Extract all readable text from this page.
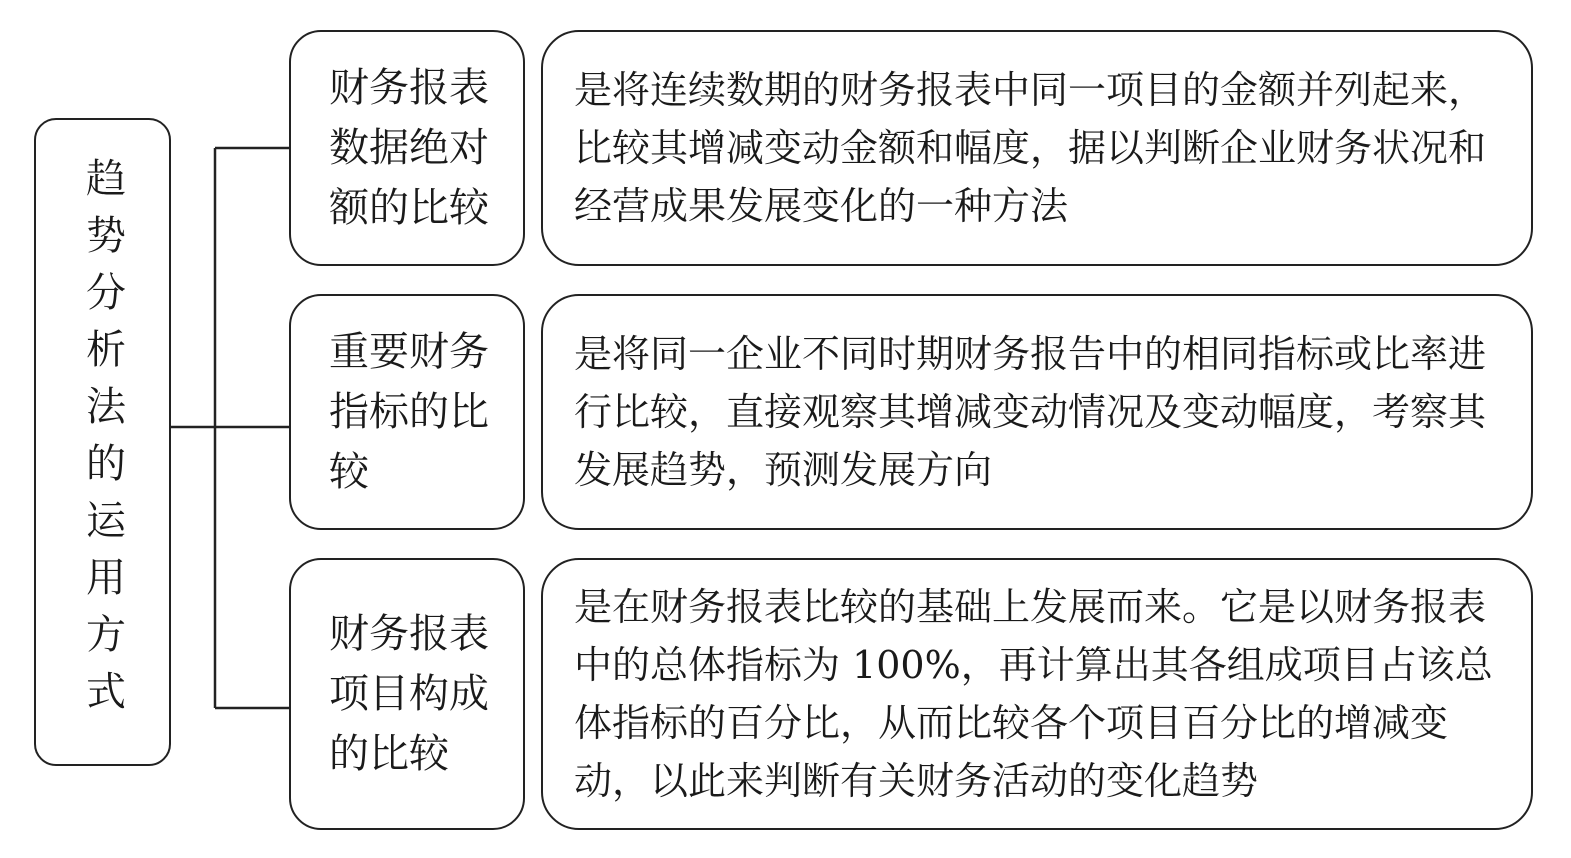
趋势分析法的运用方式
财务报表
数据绝对
额的比较
是将连续数期的财务报表中同一项目的金额并列起来，比较其增减变动金额和幅度，据以判断企业财务状况和经营成果发展变化的一种方法
重要财务
指标的比
较
是将同一企业不同时期财务报告中的相同指标或比率进行比较，直接观察其增减变动情况及变动幅度，考察其发展趋势，预测发展方向
财务报表
项目构成
的比较
是在财务报表比较的基础上发展而来。它是以财务报表中的总体指标为 100%，再计算出其各组成项目占该总体指标的百分比，从而比较各个项目百分比的增减变动，以此来判断有关财务活动的变化趋势
